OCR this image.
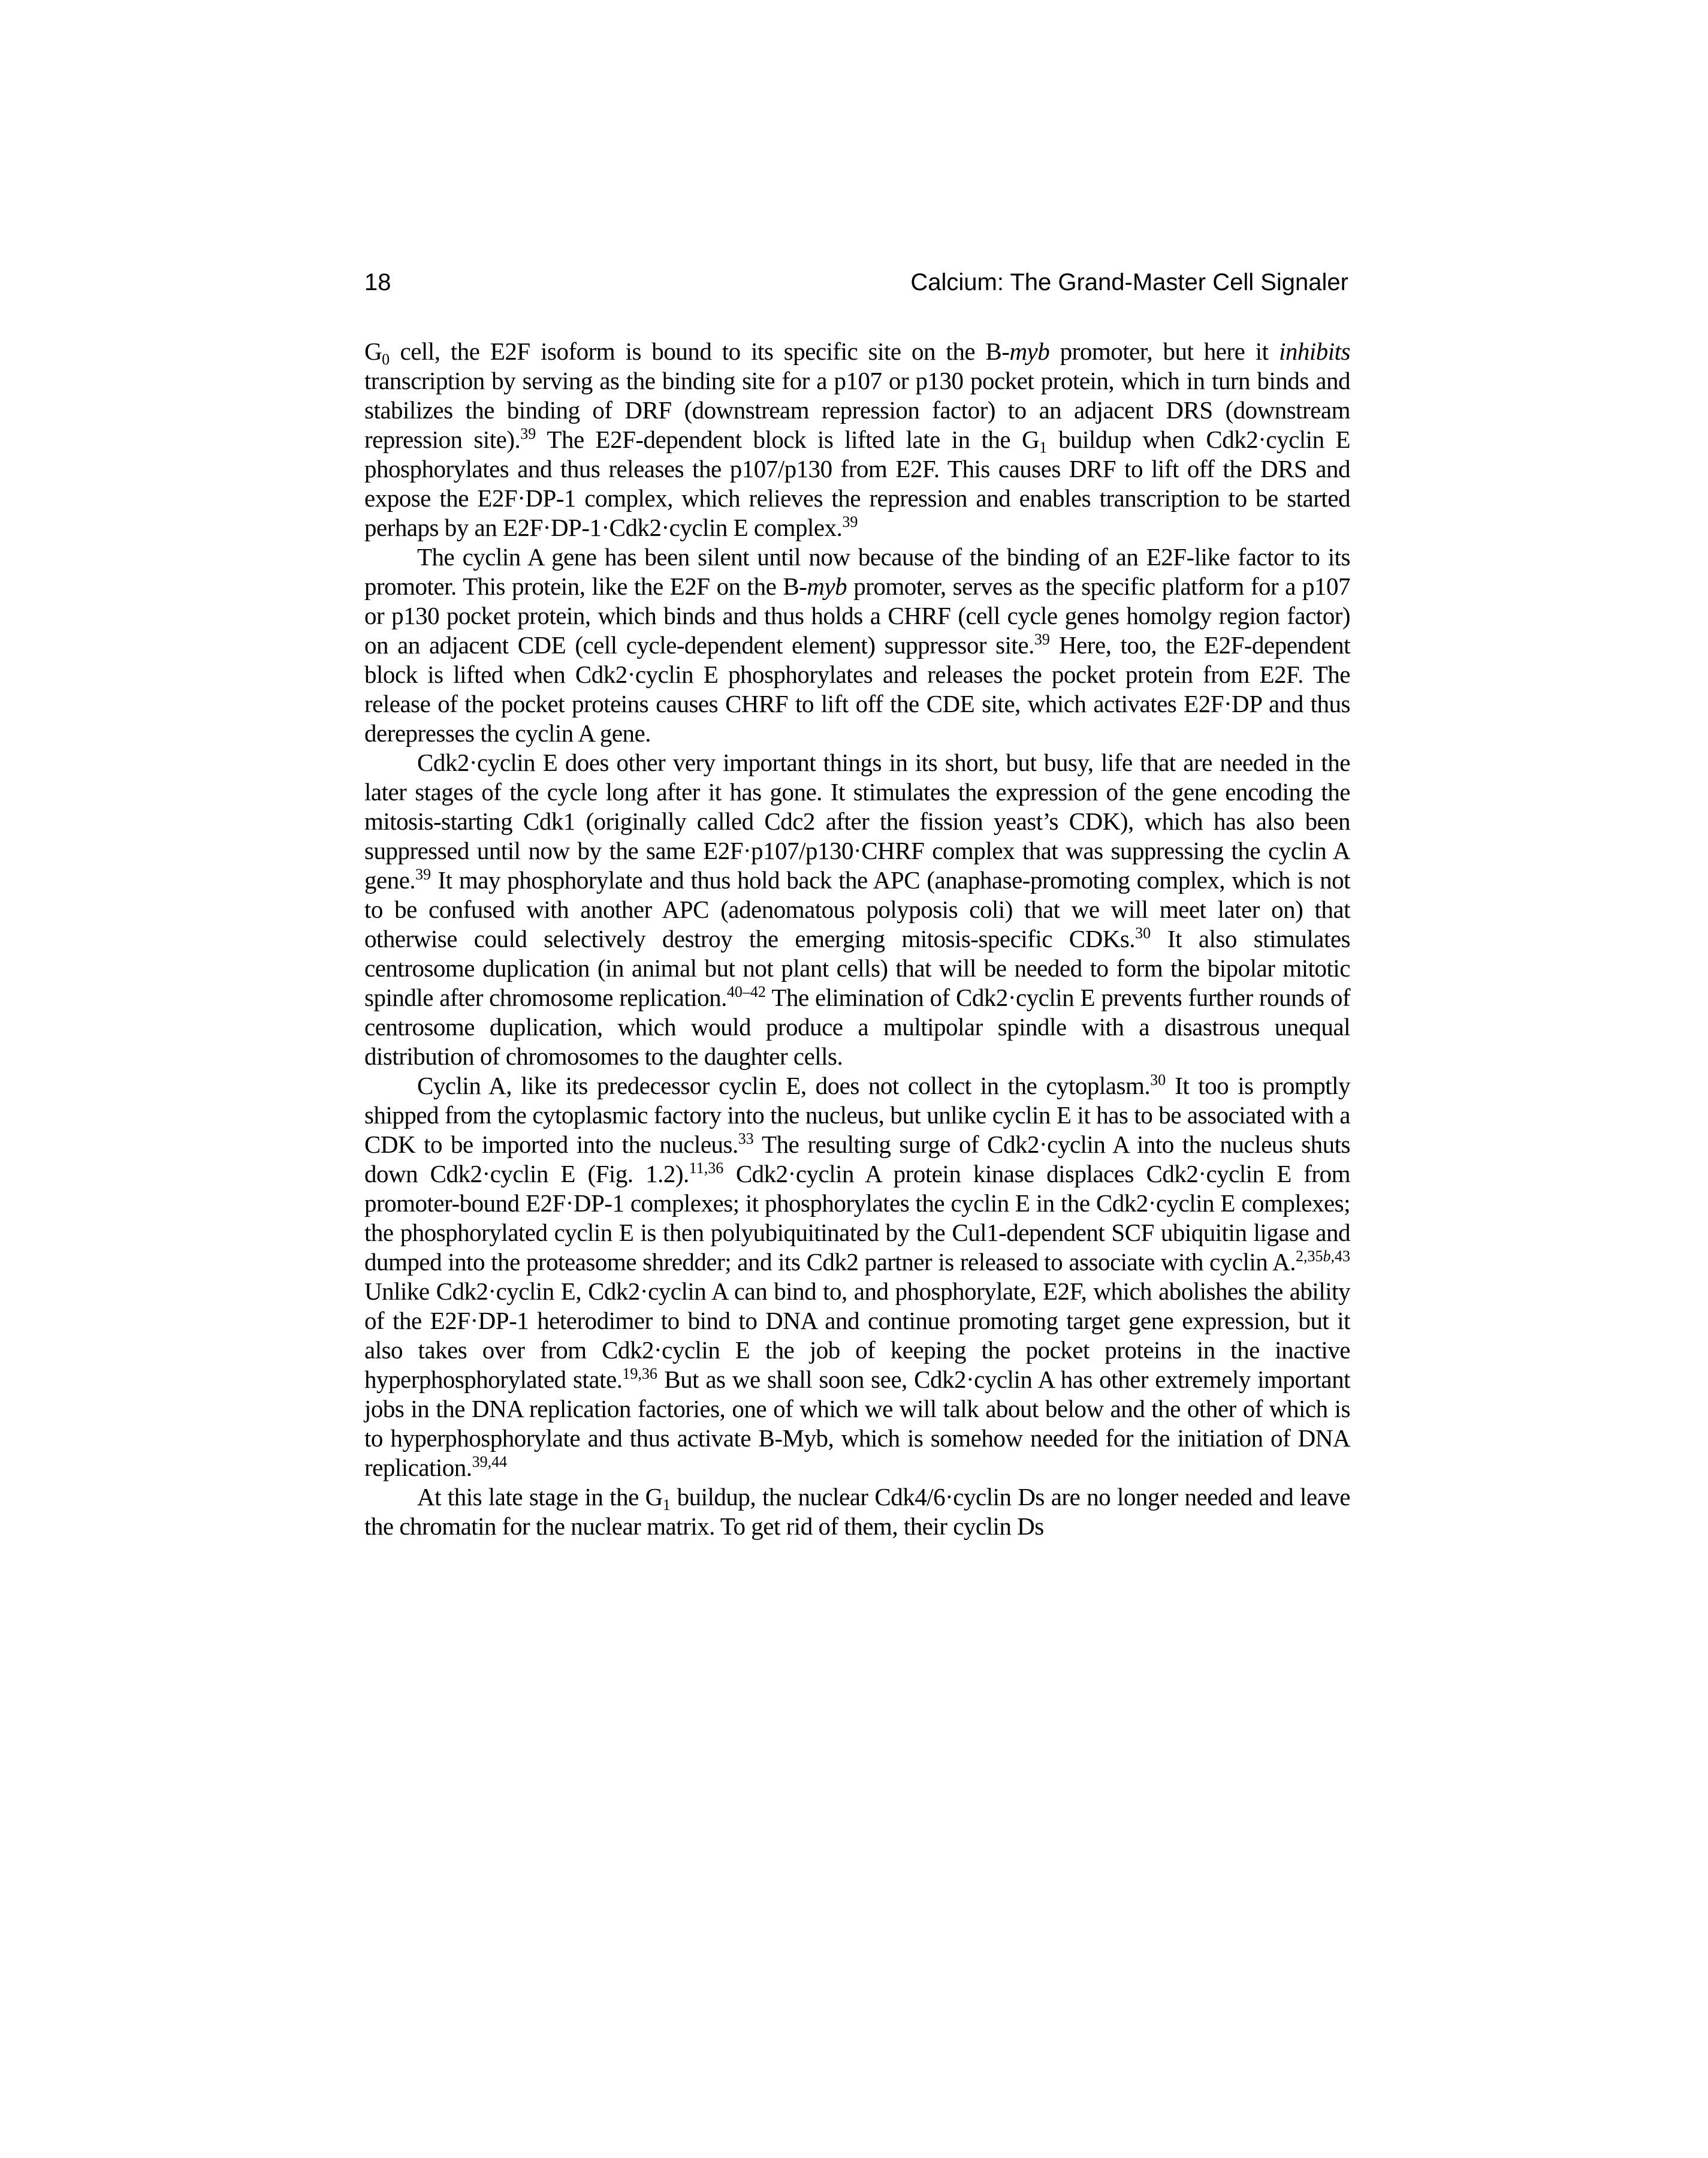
18	Calcium: The Grand-Master Cell Signaler

$G_0$ cell, the E2F isoform is bound to its specific site on the B-myb promoter, but here it inhibits transcription by serving as the binding site for a p107 or p130 pocket protein, which in turn binds and stabilizes the binding of DRF (downstream repression factor) to an adjacent DRS (downstream repression site).$^{39}$ The E2F-dependent block is lifted late in the $G_1$ buildup when Cdk2·cyclin E phosphorylates and thus releases the p107/p130 from E2F. This causes DRF to lift off the DRS and expose the E2F·DP-1 complex, which relieves the repression and enables transcription to be started perhaps by an E2F·DP-1·Cdk2·cyclin E complex.$^{39}$

The cyclin A gene has been silent until now because of the binding of an E2F-like factor to its promoter. This protein, like the E2F on the B-myb promoter, serves as the specific platform for a p107 or p130 pocket protein, which binds and thus holds a CHRF (cell cycle genes homolgy region factor) on an adjacent CDE (cell cycle-dependent element) suppressor site.$^{39}$ Here, too, the E2F-dependent block is lifted when Cdk2·cyclin E phosphorylates and releases the pocket protein from E2F. The release of the pocket proteins causes CHRF to lift off the CDE site, which activates E2F·DP and thus derepresses the cyclin A gene.

Cdk2·cyclin E does other very important things in its short, but busy, life that are needed in the later stages of the cycle long after it has gone. It stimulates the expression of the gene encoding the mitosis-starting Cdk1 (originally called Cdc2 after the fission yeast’s CDK), which has also been suppressed until now by the same E2F·p107/p130·CHRF complex that was suppressing the cyclin A gene.$^{39}$ It may phosphorylate and thus hold back the APC (anaphase-promoting complex, which is not to be confused with another APC (adenomatous polyposis coli) that we will meet later on) that otherwise could selectively destroy the emerging mitosis-specific CDKs.$^{30}$ It also stimulates centrosome duplication (in animal but not plant cells) that will be needed to form the bipolar mitotic spindle after chromosome replication.$^{40-42}$ The elimination of Cdk2·cyclin E prevents further rounds of centrosome duplication, which would produce a multipolar spindle with a disastrous unequal distribution of chromosomes to the daughter cells.

Cyclin A, like its predecessor cyclin E, does not collect in the cytoplasm.$^{30}$ It too is promptly shipped from the cytoplasmic factory into the nucleus, but unlike cyclin E it has to be associated with a CDK to be imported into the nucleus.$^{33}$ The resulting surge of Cdk2·cyclin A into the nucleus shuts down Cdk2·cyclin E (Fig. 1.2).$^{11,36}$ Cdk2·cyclin A protein kinase displaces Cdk2·cyclin E from promoter-bound E2F·DP-1 complexes; it phosphorylates the cyclin E in the Cdk2·cyclin E complexes; the phosphorylated cyclin E is then polyubiquitinated by the Cul1-dependent SCF ubiquitin ligase and dumped into the proteasome shredder; and its Cdk2 partner is released to associate with cyclin A.$^{2,35b,43}$ Unlike Cdk2·cyclin E, Cdk2·cyclin A can bind to, and phosphorylate, E2F, which abolishes the ability of the E2F·DP-1 heterodimer to bind to DNA and continue promoting target gene expression, but it also takes over from Cdk2·cyclin E the job of keeping the pocket proteins in the inactive hyperphosphorylated state.$^{19,36}$ But as we shall soon see, Cdk2·cyclin A has other extremely important jobs in the DNA replication factories, one of which we will talk about below and the other of which is to hyperphosphorylate and thus activate B-Myb, which is somehow needed for the initiation of DNA replication.$^{39,44}$

At this late stage in the $G_1$ buildup, the nuclear Cdk4/6·cyclin Ds are no longer needed and leave the chromatin for the nuclear matrix. To get rid of them, their cyclin Ds
